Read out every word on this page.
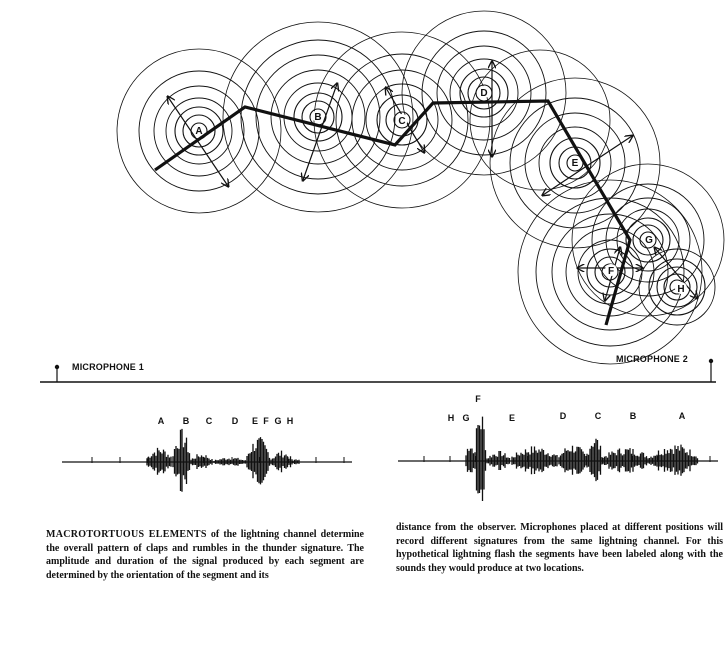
A
B	C
D
E
F
G
H
A B C D E F G H	H G
F
E	D	C	B	A
MICROPHONE 1
MICROPHONE 2
MACROTORTUOUS ELEMENTS of the lightning channel determine the overall pattern of claps and rumbles in the thunder signature. The amplitude and duration of the signal produced by each segment are determined by the orientation of the segment and its
distance from the observer. Microphones placed at different positions will record different signatures from the same lightning channel. For this hypothetical lightning flash the segments have been labeled along with the sounds they would produce at two locations.
